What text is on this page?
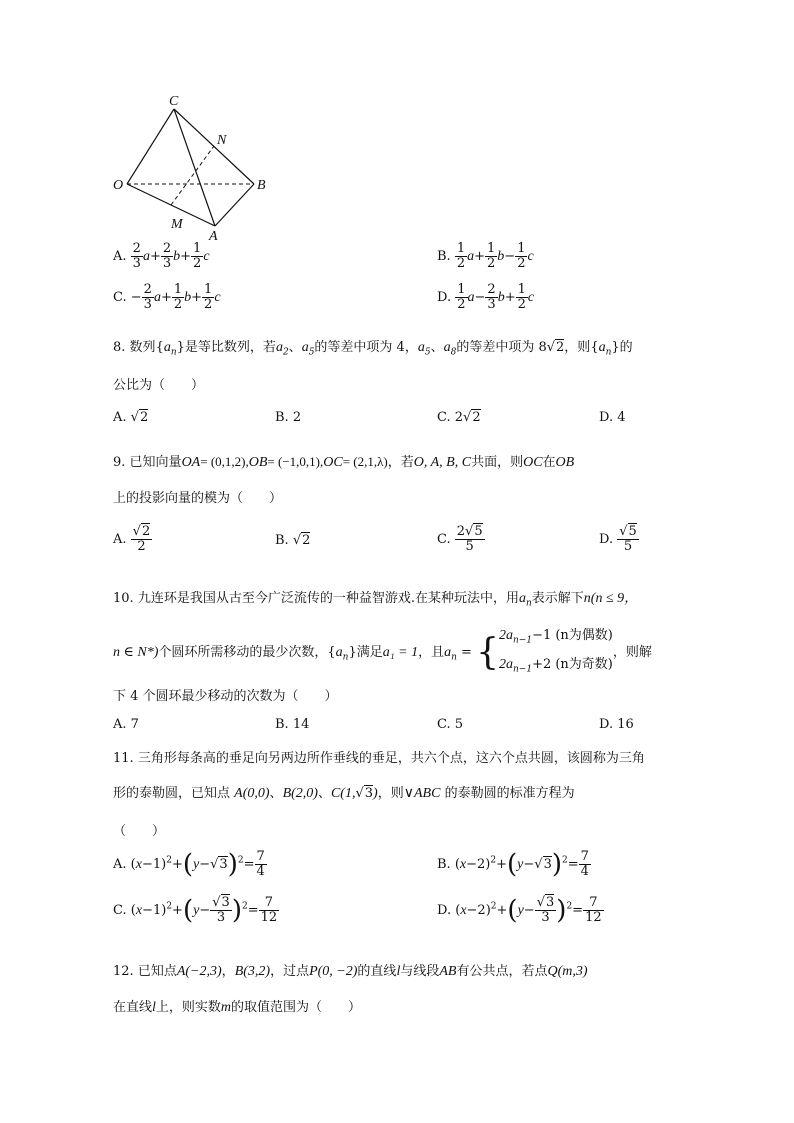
C
N
O	B
M
A
A. $\frac{2}{3} a+ \frac{2}{3} b+ \frac{1}{2}$ c	B. $\frac{1}{2} a+ \frac{1}{2} b- \frac{1}{2}$ c
C. − $\frac{2}{3} a+ \frac{1}{2} b+ \frac{1}{2}$ c	D. $\frac{1}{2} a- \frac{2}{3} b+ \frac{1}{2}$ c
8. 数列$\{a_n\}$是等比数列，若$a_2$、$a_5$的等差中项为 4，$a_5$、$a_8$的等差中项为 8√2，则$\{a_n\}$的
公比为（　　）
A. √2	B. 2	C. 2√2	D. 4
9. 已知向量OA= (0,1,2),OB= (−1,0,1),OC= (2,1,λ)，若O, A, B, C共面，则OC在OB
上的投影向量的模为（　　）
A. $\frac{√2}{2}$	B. √2	C. $\frac{2√5}{5}$	D. $\frac{√5}{5}$
10. 九连环是我国从古至今广泛流传的一种益智游戏.在某种玩法中，用$a_n$表示解下n(n ≤ 9，
n ∈ N*)个圆环所需移动的最少次数，$\{a_n\}$满足a₁ = 1，且$a_n$ = { $2a_{n-1}-1$ (n为偶数)
$2a_{n-1}+2$ (n为奇数)
，则解
下 4 个圆环最少移动的次数为（　　）
A. 7	B. 14	C. 5	D. 16
11. 三角形每条高的垂足向另两边所作垂线的垂足，共六个点，这六个点共圆，该圆称为三角
形的泰勒圆，已知点 A(0,0)、B(2,0)、C(1,√3)，则∨ABC 的泰勒圆的标准方程为
（　　）
A. $(x-1)^2+(y-√3)^2= \frac{7}{4}$	B. $(x-2)^2+(y-√3)^2= \frac{7}{4}$
C. $(x-1)^2+(y- \frac{√3}{3} )^2= \frac{7}{12}$	D. $(x-2)^2+(y- \frac{√3}{3} )^2= \frac{7}{12}$
12. 已知点A(−2,3)，B(3,2)，过点P(0, −2)的直线l与线段AB有公共点，若点Q(m,3)
在直线l上，则实数m的取值范围为（　　）
